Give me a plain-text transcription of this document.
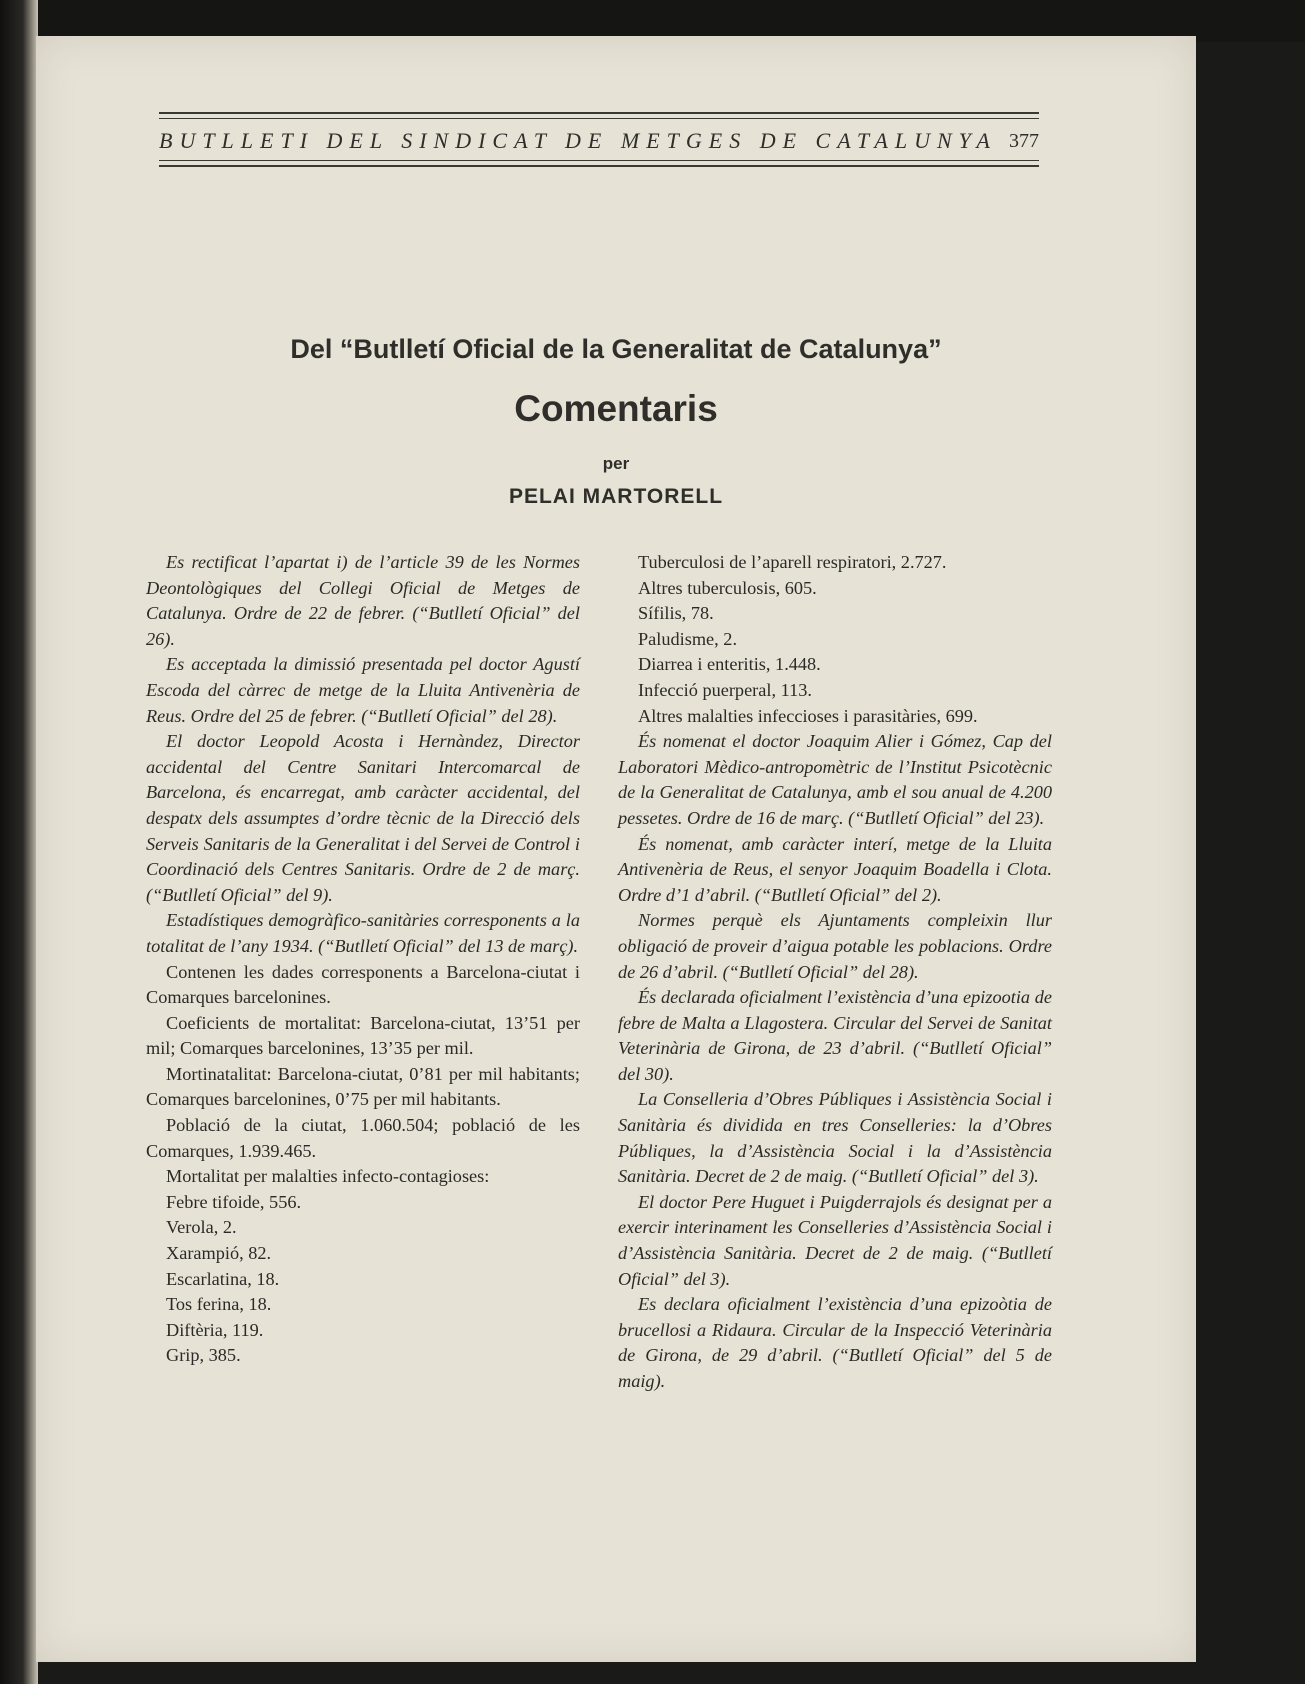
BUTLLETI DEL SINDICAT DE METGES DE CATALUNYA 377
Del “Butlletí Oficial de la Generalitat de Catalunya”
Comentaris
per
PELAI MARTORELL

Es rectificat l’apartat i) de l’article 39 de les Normes Deontològiques del Collegi Oficial de Metges de Catalunya. Ordre de 22 de febrer. (“Butlletí Oficial” del 26).

Es acceptada la dimissió presentada pel doctor Agustí Escoda del càrrec de metge de la Lluita Antivenèria de Reus. Ordre del 25 de febrer. (“Butlletí Oficial” del 28).

El doctor Leopold Acosta i Hernàndez, Director accidental del Centre Sanitari Intercomarcal de Barcelona, és encarregat, amb caràcter accidental, del despatx dels assumptes d’ordre tècnic de la Direcció dels Serveis Sanitaris de la Generalitat i del Servei de Control i Coordinació dels Centres Sanitaris. Ordre de 2 de març. (“Butlletí Oficial” del 9).

Estadístiques demogràfico-sanitàries corresponents a la totalitat de l’any 1934. (“Butlletí Oficial” del 13 de març).

Contenen les dades corresponents a Barcelona-ciutat i Comarques barcelonines.

Coeficients de mortalitat: Barcelona-ciutat, 13’51 per mil; Comarques barcelonines, 13’35 per mil.

Mortinatalitat: Barcelona-ciutat, 0’81 per mil habitants; Comarques barcelonines, 0’75 per mil habitants.

Població de la ciutat, 1.060.504; població de les Comarques, 1.939.465.

Mortalitat per malalties infecto-contagioses:

Febre tifoide, 556.

Verola, 2.

Xarampió, 82.

Escarlatina, 18.

Tos ferina, 18.

Diftèria, 119.

Grip, 385.

Tuberculosi de l’aparell respiratori, 2.727.

Altres tuberculosis, 605.

Sífilis, 78.

Paludisme, 2.

Diarrea i enteritis, 1.448.

Infecció puerperal, 113.

Altres malalties infeccioses i parasitàries, 699.

És nomenat el doctor Joaquim Alier i Gómez, Cap del Laboratori Mèdico-antropomètric de l’Institut Psicotècnic de la Generalitat de Catalunya, amb el sou anual de 4.200 pessetes. Ordre de 16 de març. (“Butlletí Oficial” del 23).

És nomenat, amb caràcter interí, metge de la Lluita Antivenèria de Reus, el senyor Joaquim Boadella i Clota. Ordre d’1 d’abril. (“Butlletí Oficial” del 2).

Normes perquè els Ajuntaments compleixin llur obligació de proveir d’aigua potable les poblacions. Ordre de 26 d’abril. (“Butlletí Oficial” del 28).

És declarada oficialment l’existència d’una epizootia de febre de Malta a Llagostera. Circular del Servei de Sanitat Veterinària de Girona, de 23 d’abril. (“Butlletí Oficial” del 30).

La Conselleria d’Obres Públiques i Assistència Social i Sanitària és dividida en tres Conselleries: la d’Obres Públiques, la d’Assistència Social i la d’Assistència Sanitària. Decret de 2 de maig. (“Butlletí Oficial” del 3).

El doctor Pere Huguet i Puigderrajols és designat per a exercir interinament les Conselleries d’Assistència Social i d’Assistència Sanitària. Decret de 2 de maig. (“Butlletí Oficial” del 3).

Es declara oficialment l’existència d’una epizoòtia de brucellosi a Ridaura. Circular de la Inspecció Veterinària de Girona, de 29 d’abril. (“Butlletí Oficial” del 5 de maig).
